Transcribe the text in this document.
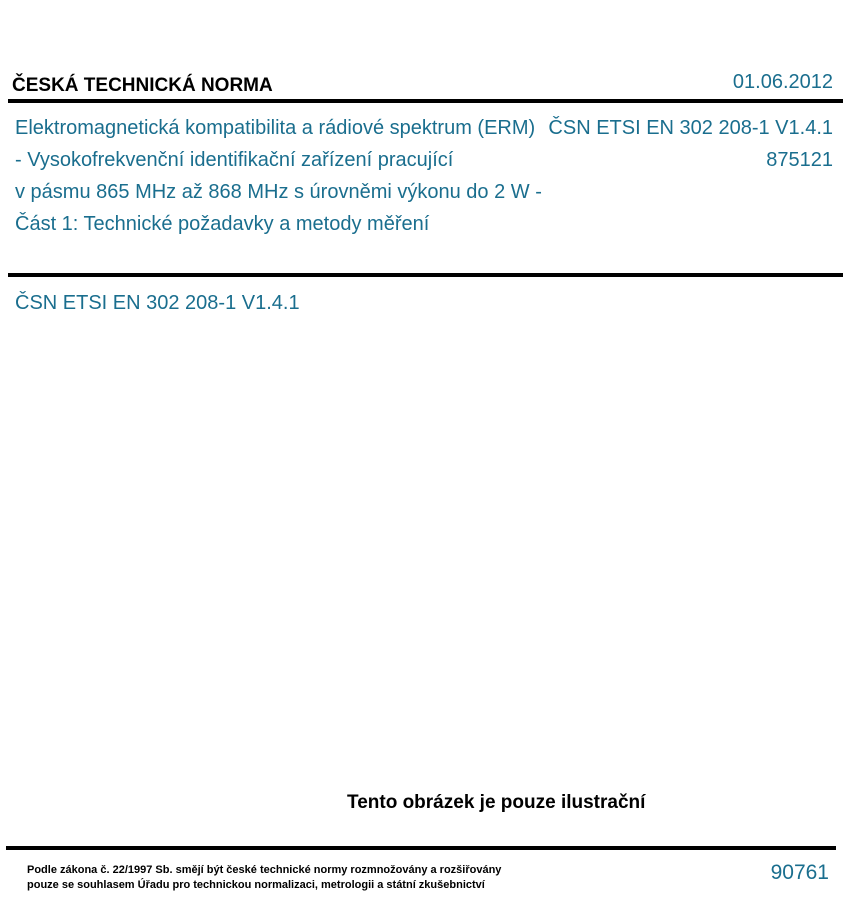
ČESKÁ TECHNICKÁ NORMA	01.06.2012
Elektromagnetická kompatibilita a rádiové spektrum (ERM)
- Vysokofrekvenční identifikační zařízení pracující
v pásmu 865 MHz až 868 MHz s úrovněmi výkonu do 2 W -
Část 1: Technické požadavky a metody měření
ČSN ETSI EN 302 208-1 V1.4.1
875121
ČSN ETSI EN 302 208-1 V1.4.1
Tento obrázek je pouze ilustrační
Podle zákona č. 22/1997 Sb. smějí být české technické normy rozmnožovány a rozšiřovány
pouze se souhlasem Úřadu pro technickou normalizaci, metrologii a státní zkušebnictví
90761
